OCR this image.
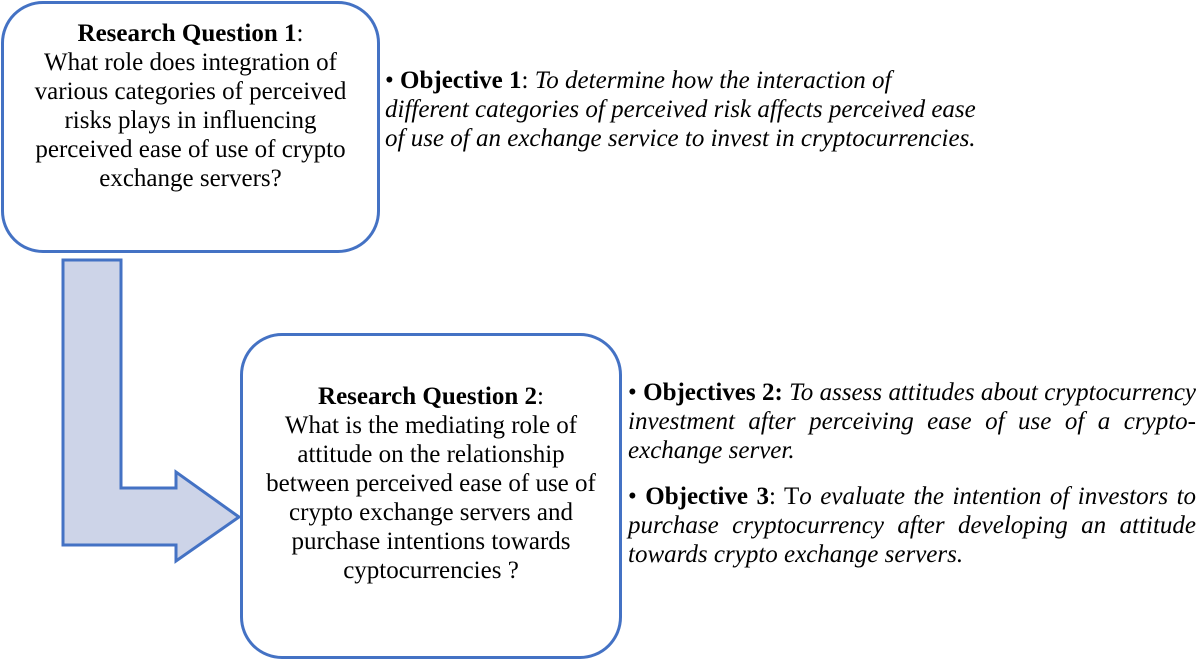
Research Question 1:
What role does integration of various categories of perceived risks plays in influencing perceived ease of use of crypto exchange servers?
• Objective 1: To determine how the interaction of different categories of perceived risk affects perceived ease of use of an exchange service to invest in cryptocurrencies.
Research Question 2:
What is the mediating role of attitude on the relationship between perceived ease of use of crypto exchange servers and purchase intentions towards cyptocurrencies ?
• Objectives 2: To assess attitudes about cryptocurrency investment after perceiving ease of use of a crypto-exchange server.
• Objective 3: To evaluate the intention of investors to purchase cryptocurrency after developing an attitude towards crypto exchange servers.
